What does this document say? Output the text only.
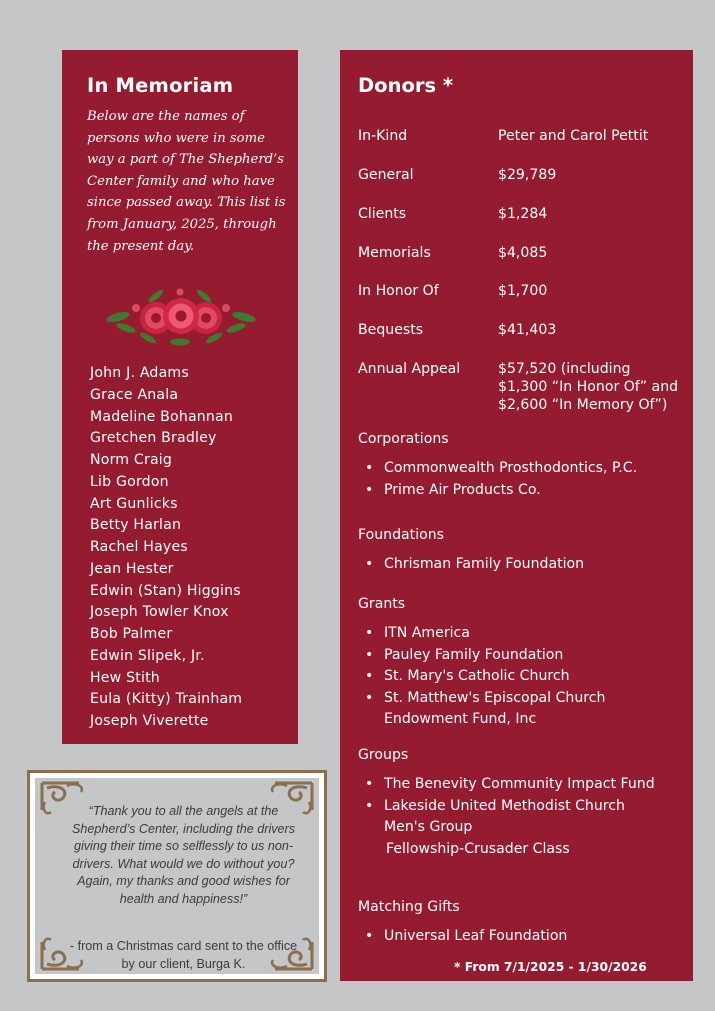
In Memoriam

Below are the names of persons who were in some way a part of The Shepherd’s Center family and who have since passed away. This list is from January, 2025, through the present day.

John J. Adams
Grace Anala
Madeline Bohannan
Gretchen Bradley
Norm Craig
Lib Gordon
Art Gunlicks
Betty Harlan
Rachel Hayes
Jean Hester
Edwin (Stan) Higgins
Joseph Towler Knox
Bob Palmer
Edwin Slipek, Jr.
Hew Stith
Eula (Kitty) Trainham
Joseph Viverette

“Thank you to all the angels at the Shepherd’s Center, including the drivers giving their time so selflessly to us non-drivers. What would we do without you? Again, my thanks and good wishes for health and happiness!”

- from a Christmas card sent to the office by our client, Burga K.

Donors *
In-Kind	Peter and Carol Pettit
General	$29,789
Clients	$1,284
Memorials	$4,085
In Honor Of	$1,700
Bequests	$41,403
Annual Appeal	$57,520 (including $1,300 “In Honor Of” and $2,600 “In Memory Of”)

Corporations

• Commonwealth Prosthodontics, P.C.
• Prime Air Products Co.

Foundations

• Chrisman Family Foundation

Grants

• ITN America
• Pauley Family Foundation
• St. Mary's Catholic Church
• St. Matthew's Episcopal Church Endowment Fund, Inc

Groups

• The Benevity Community Impact Fund
• Lakeside United Methodist Church Men's Group
Fellowship-Crusader Class

Matching Gifts

• Universal Leaf Foundation

* From 7/1/2025 - 1/30/2026
